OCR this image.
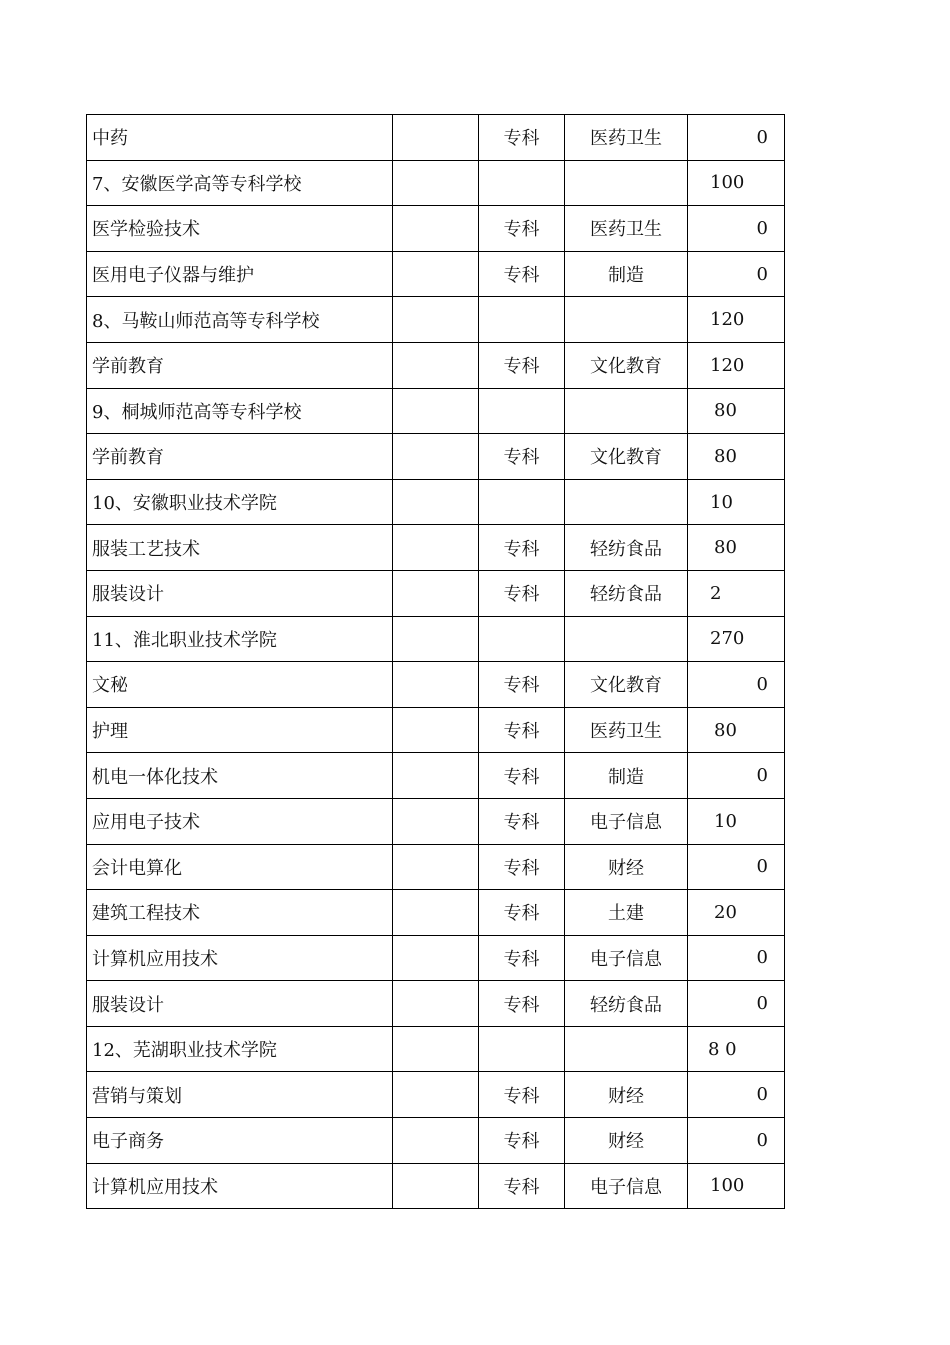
中药		专科	医药卫生	0
7、安徽医学高等专科学校				100
医学检验技术		专科	医药卫生	0
医用电子仪器与维护		专科	制造	0
8、马鞍山师范高等专科学校				120
学前教育		专科	文化教育	120
9、桐城师范高等专科学校				80
学前教育		专科	文化教育	80
10、安徽职业技术学院				10
服装工艺技术		专科	轻纺食品	80
服装设计		专科	轻纺食品	2
11、淮北职业技术学院				270
文秘		专科	文化教育	0
护理		专科	医药卫生	80
机电一体化技术		专科	制造	0
应用电子技术		专科	电子信息	10
会计电算化		专科	财经	0
建筑工程技术		专科	土建	20
计算机应用技术		专科	电子信息	0
服装设计		专科	轻纺食品	0
12、芜湖职业技术学院				8 0
营销与策划		专科	财经	0
电子商务		专科	财经	0
计算机应用技术		专科	电子信息	100
